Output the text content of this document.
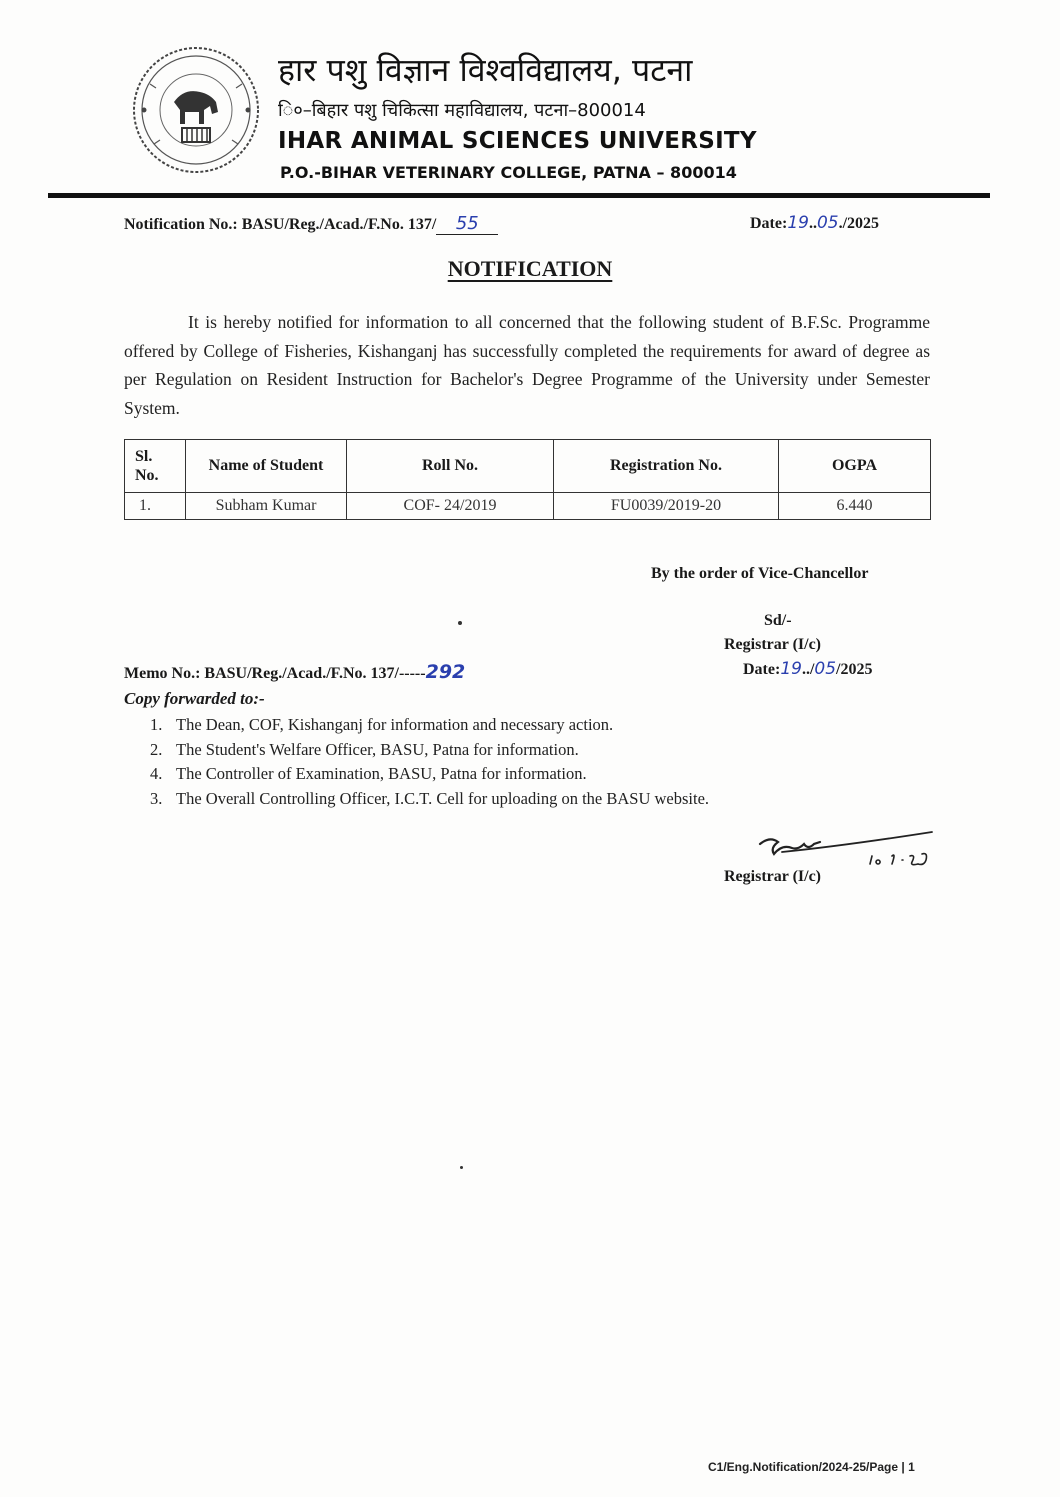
हार पशु विज्ञान विश्वविद्यालय, पटना
ि०–बिहार पशु चिकित्सा महाविद्यालय, पटना–800014
IHAR ANIMAL SCIENCES UNIVERSITY
P.O.-BIHAR VETERINARY COLLEGE, PATNA – 800014
Notification No.: BASU/Reg./Acad./F.No. 137/ 55	Date:19..05./2025
NOTIFICATION
It is hereby notified for information to all concerned that the following student of B.F.Sc. Programme offered by College of Fisheries, Kishanganj has successfully completed the requirements for award of degree as per Regulation on Resident Instruction for Bachelor's Degree Programme of the University under Semester System.
Sl.
No.	Name of Student	Roll No.	Registration No.	OGPA
1.	Subham Kumar	COF- 24/2019	FU0039/2019-20	6.440
By the order of Vice-Chancellor
Sd/-
Registrar (I/c)
Date:19../05/2025
Memo No.: BASU/Reg./Acad./F.No. 137/-----292
Copy forwarded to:-
1. The Dean, COF, Kishanganj for information and necessary action.
2. The Student's Welfare Officer, BASU, Patna for information.
4. The Controller of Examination, BASU, Patna for information.
3. The Overall Controlling Officer, I.C.T. Cell for uploading on the BASU website.
Registrar (I/c)
C1/Eng.Notification/2024-25/Page | 1
